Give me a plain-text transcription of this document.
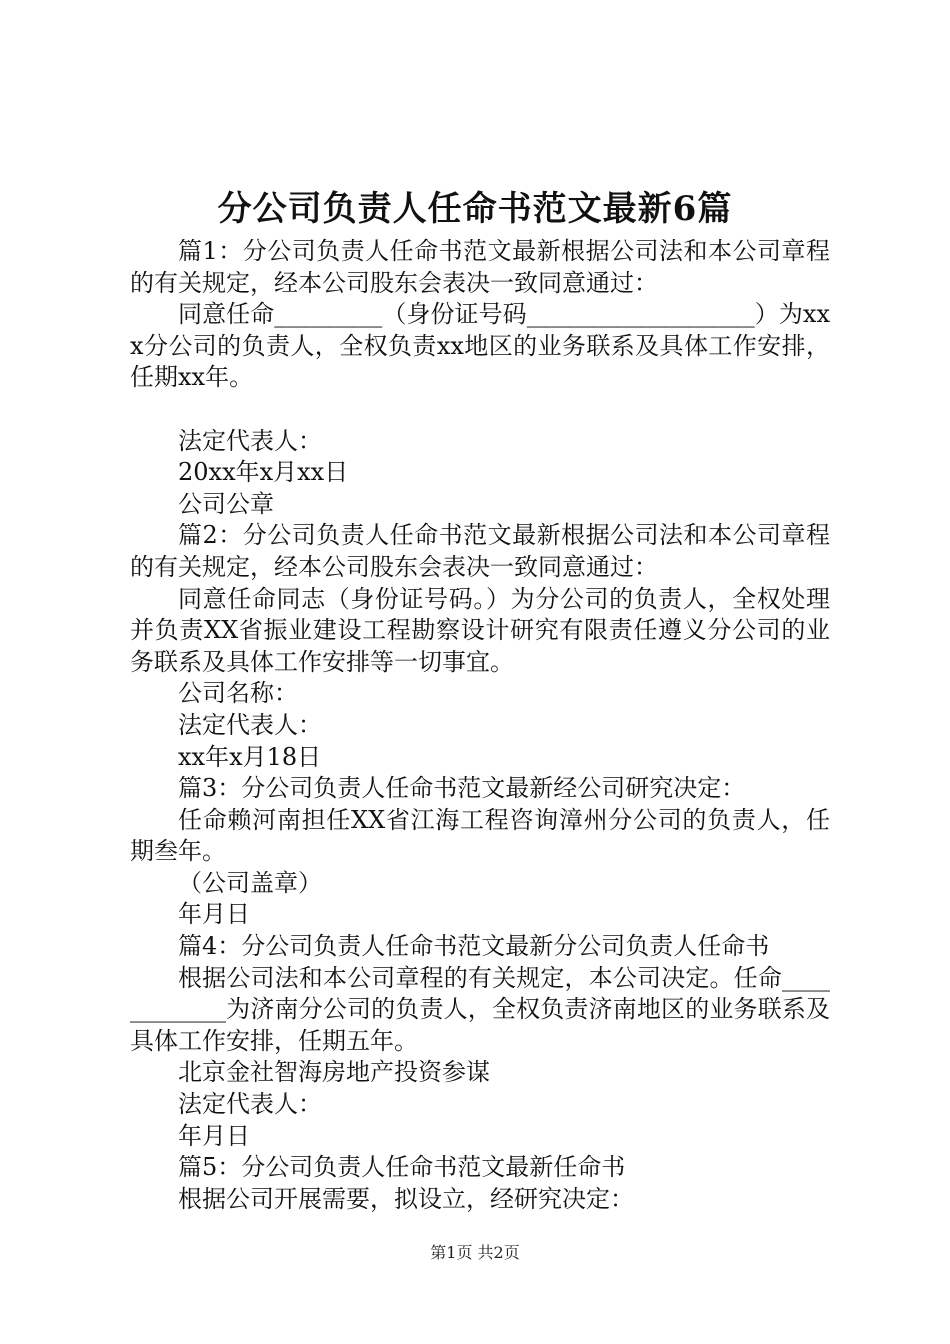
分公司负责人任命书范文最新6篇

篇1：分公司负责人任命书范文最新根据公司法和本公司章程的有关规定，经本公司股东会表决一致同意通过：

同意任命_________（身份证号码___________________）为xxx分公司的负责人，全权负责xx地区的业务联系及具体工作安排，任期xx年。

法定代表人：

20xx年x月xx日

公司公章

篇2：分公司负责人任命书范文最新根据公司法和本公司章程的有关规定，经本公司股东会表决一致同意通过：

同意任命同志（身份证号码。）为分公司的负责人，全权处理并负责XX省振业建设工程勘察设计研究有限责任遵义分公司的业务联系及具体工作安排等一切事宜。

公司名称：

法定代表人：

xx年x月18日

篇3：分公司负责人任命书范文最新经公司研究决定：

任命赖河南担任XX省江海工程咨询漳州分公司的负责人，任期叁年。

（公司盖章）

年月日

篇4：分公司负责人任命书范文最新分公司负责人任命书

根据公司法和本公司章程的有关规定，本公司决定。任命____________为济南分公司的负责人，全权负责济南地区的业务联系及具体工作安排，任期五年。

北京金社智海房地产投资参谋

法定代表人：

年月日

篇5：分公司负责人任命书范文最新任命书

根据公司开展需要，拟设立，经研究决定：

第1页 共2页
